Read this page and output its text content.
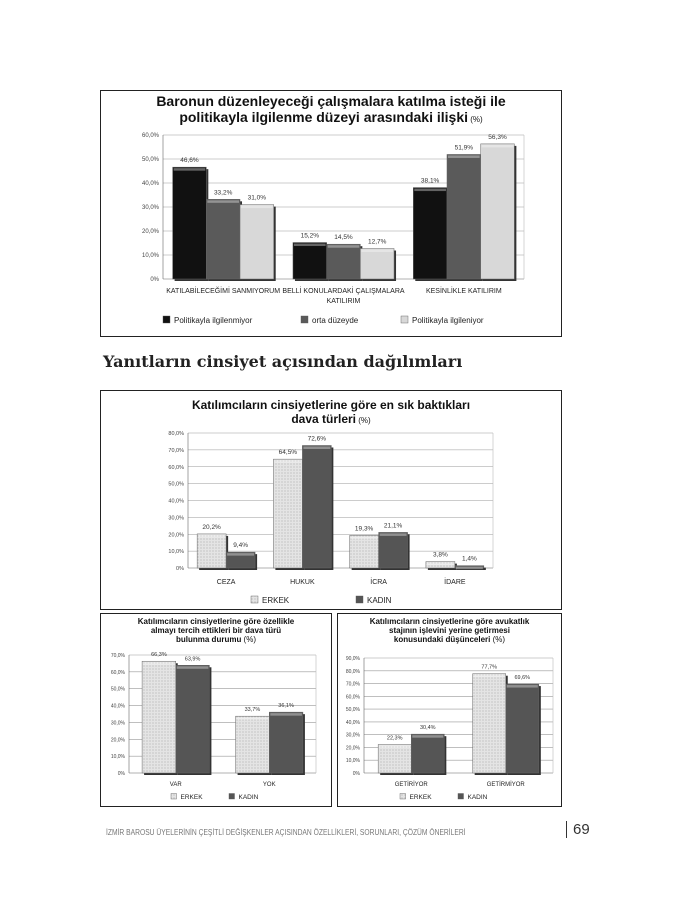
0%
10,0%
20,0%
30,0%
40,0%
50,0%
60,0%
46,6%
33,2%
31,0%
KATILABİLECEĞİMİ SANMIYORUM
15,2% 14,5%
12,7%
BELLİ KONULARDAKİ ÇALIŞMALARA
KATILIRIM
38,1%
51,9%
56,3%
KESİNLİKLE KATILIRIM
Politikayla ilgilenmiyor	orta düzeyde	Politikayla ilgileniyor
Baronun düzenleyeceği çalışmalara katılma isteği ile
politikayla ilgilenme düzeyi arasındaki ilişki (%)
Yanıtların cinsiyet açısından dağılımları
0%
10,0%
20,0%
30,0%
40,0%
50,0%
60,0%
70,0%
80,0%
20,2%
9,4%
CEZA
64,5%
72,6%
HUKUK
19,3% 21,1%
İCRA
3,8%
1,4%
İDARE
ERKEK	KADIN
Katılımcıların cinsiyetlerine göre en sık baktıkları
dava türleri (%)
0%
10,0%
20,0%
30,0%
40,0%
50,0%
60,0%
70,0%	66,3%
63,9%
VAR
33,7%
36,1%
YOK
ERKEK	KADIN
Katılımcıların cinsiyetlerine göre özellikle
almayı tercih ettikleri bir dava türü
bulunma durumu (%)
0%
10,0%
20,0%
30,0%
40,0%
50,0%
60,0%
70,0%
80,0%
90,0%
22,3%
30,4%
GETİRİYOR
77,7%
69,6%
GETİRMİYOR
ERKEK	KADIN
Katılımcıların cinsiyetlerine göre avukatlık
stajının işlevini yerine getirmesi
konusundaki düşünceleri (%)
İZMİR BAROSU ÜYELERİNİN ÇEŞİTLİ DEĞİŞKENLER AÇISINDAN ÖZELLİKLERİ, SORUNLARI, ÇÖZÜM ÖNERİLERİ	69
